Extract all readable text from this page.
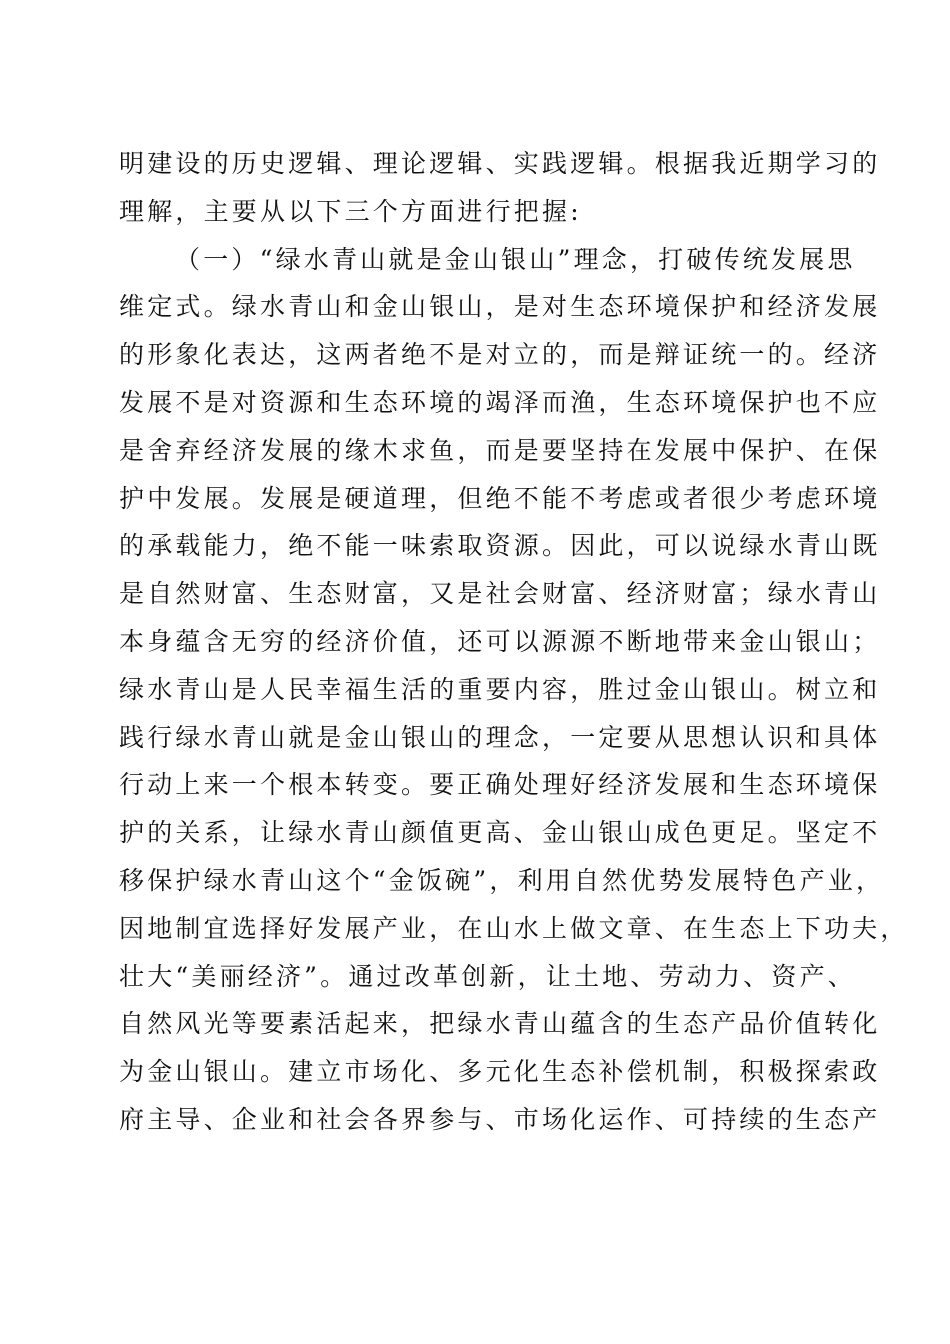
明建设的历史逻辑、理论逻辑、实践逻辑。根据我近期学习的
理解，主要从以下三个方面进行把握:
（一）“绿水青山就是金山银山”理念，打破传统发展思
维定式。绿水青山和金山银山，是对生态环境保护和经济发展
的形象化表达，这两者绝不是对立的，而是辩证统一的。经济
发展不是对资源和生态环境的竭泽而渔，生态环境保护也不应
是舍弃经济发展的缘木求鱼，而是要坚持在发展中保护、在保
护中发展。发展是硬道理，但绝不能不考虑或者很少考虑环境
的承载能力，绝不能一味索取资源。因此，可以说绿水青山既
是自然财富、生态财富，又是社会财富、经济财富；绿水青山
本身蕴含无穷的经济价值，还可以源源不断地带来金山银山；
绿水青山是人民幸福生活的重要内容，胜过金山银山。树立和
践行绿水青山就是金山银山的理念，一定要从思想认识和具体
行动上来一个根本转变。要正确处理好经济发展和生态环境保
护的关系，让绿水青山颜值更高、金山银山成色更足。坚定不
移保护绿水青山这个“金饭碗”，利用自然优势发展特色产业，
因地制宜选择好发展产业，在山水上做文章、在生态上下功夫，
壮大“美丽经济”。通过改革创新，让土地、劳动力、资产、
自然风光等要素活起来，把绿水青山蕴含的生态产品价值转化
为金山银山。建立市场化、多元化生态补偿机制，积极探索政
府主导、企业和社会各界参与、市场化运作、可持续的生态产
